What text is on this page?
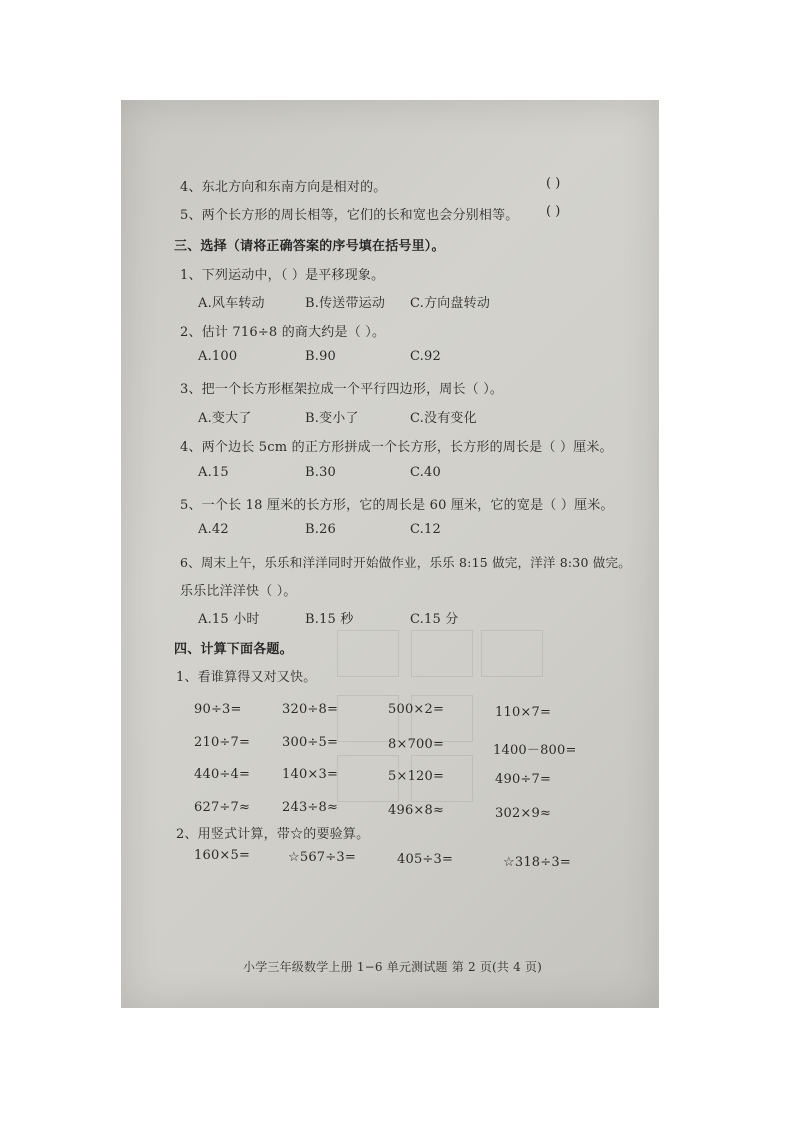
4、东北方向和东南方向是相对的。	( )
5、两个长方形的周长相等，它们的长和宽也会分别相等。 ( )
三、选择（请将正确答案的序号填在括号里）。
1、下列运动中，（ ）是平移现象。
A.风车转动	B.传送带运动 C.方向盘转动
2、估计 716÷8 的商大约是（ ）。
A.100	B.90	C.92
3、把一个长方形框架拉成一个平行四边形，周长（ ）。
A.变大了	B.变小了	C.没有变化
4、两个边长 5cm 的正方形拼成一个长方形，长方形的周长是（ ）厘米。
A.15	B.30	C.40
5、一个长 18 厘米的长方形，它的周长是 60 厘米，它的宽是（ ）厘米。
A.42	B.26	C.12
6、周末上午，乐乐和洋洋同时开始做作业，乐乐 8:15 做完，洋洋 8:30 做完。
乐乐比洋洋快（ ）。
A.15 小时	B.15 秒	C.15 分
四、计算下面各题。
1、看谁算得又对又快。
90÷3=	320÷8=	500×2=	110×7=
210÷7= 300÷5=	8×700=	1400－800=
440÷4= 140×3=	5×120=	490÷7=
627÷7≈ 243÷8≈	496×8≈	302×9≈
2、用竖式计算，带☆的要验算。
160×5=	☆567÷3=	405÷3=	☆318÷3=
小学三年级数学上册 1−6 单元测试题 第 2 页(共 4 页)
